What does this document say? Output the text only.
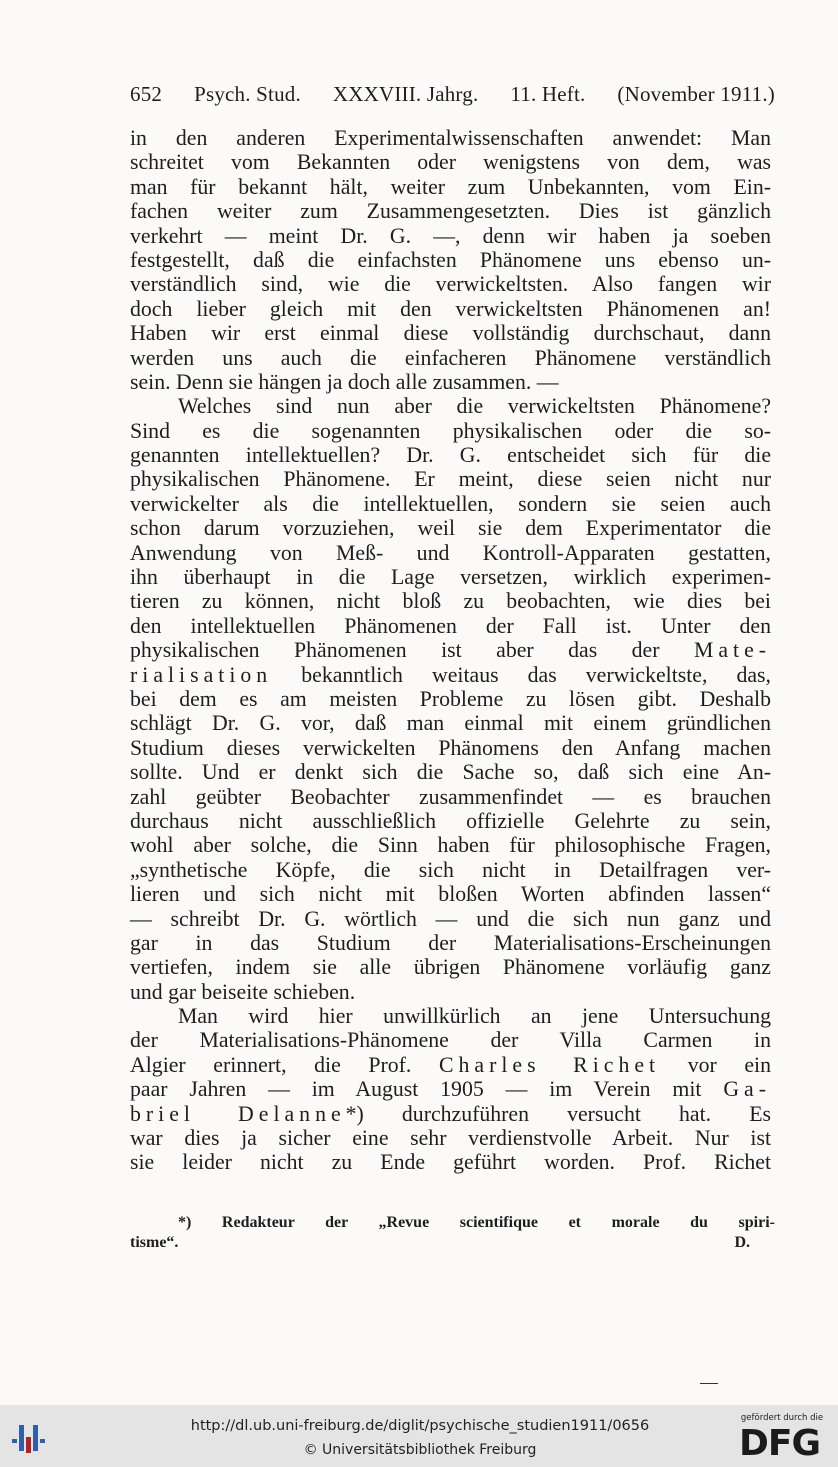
652 Psych. Stud. XXXVIII. Jahrg. 11. Heft. (November 1911.)
in den anderen Experimentalwissenschaften anwendet: Man
schreitet vom Bekannten oder wenigstens von dem, was
man für bekannt hält, weiter zum Unbekannten, vom Ein-
fachen weiter zum Zusammengesetzten. Dies ist gänzlich
verkehrt — meint Dr. G. —, denn wir haben ja soeben
festgestellt, daß die einfachsten Phänomene uns ebenso un-
verständlich sind, wie die verwickeltsten. Also fangen wir
doch lieber gleich mit den verwickeltsten Phänomenen an!
Haben wir erst einmal diese vollständig durchschaut, dann
werden uns auch die einfacheren Phänomene verständlich
sein. Denn sie hängen ja doch alle zusammen. —
Welches sind nun aber die verwickeltsten Phänomene?
Sind es die sogenannten physikalischen oder die so-
genannten intellektuellen? Dr. G. entscheidet sich für die
physikalischen Phänomene. Er meint, diese seien nicht nur
verwickelter als die intellektuellen, sondern sie seien auch
schon darum vorzuziehen, weil sie dem Experimentator die
Anwendung von Meß- und Kontroll-Apparaten gestatten,
ihn überhaupt in die Lage versetzen, wirklich experimen-
tieren zu können, nicht bloß zu beobachten, wie dies bei
den intellektuellen Phänomenen der Fall ist. Unter den
physikalischen Phänomenen ist aber das der Mate-
rialisation bekanntlich weitaus das verwickeltste, das,
bei dem es am meisten Probleme zu lösen gibt. Deshalb
schlägt Dr. G. vor, daß man einmal mit einem gründlichen
Studium dieses verwickelten Phänomens den Anfang machen
sollte. Und er denkt sich die Sache so, daß sich eine An-
zahl geübter Beobachter zusammenfindet — es brauchen
durchaus nicht ausschließlich offizielle Gelehrte zu sein,
wohl aber solche, die Sinn haben für philosophische Fragen,
„synthetische Köpfe, die sich nicht in Detailfragen ver-
lieren und sich nicht mit bloßen Worten abfinden lassen“
— schreibt Dr. G. wörtlich — und die sich nun ganz und
gar in das Studium der Materialisations-Erscheinungen
vertiefen, indem sie alle übrigen Phänomene vorläufig ganz
und gar beiseite schieben.
Man wird hier unwillkürlich an jene Untersuchung
der Materialisations-Phänomene der Villa Carmen in
Algier erinnert, die Prof. Charles Richet vor ein
paar Jahren — im August 1905 — im Verein mit Ga-
briel Delanne*) durchzuführen versucht hat. Es
war dies ja sicher eine sehr verdienstvolle Arbeit. Nur ist
sie leider nicht zu Ende geführt worden. Prof. Richet
*) Redakteur der „Revue scientifique et morale du spiri-
tisme“.	D.
http://dl.ub.uni-freiburg.de/diglit/psychische_studien1911/0656
© Universitätsbibliothek Freiburg
gefördert durch die
DFG
